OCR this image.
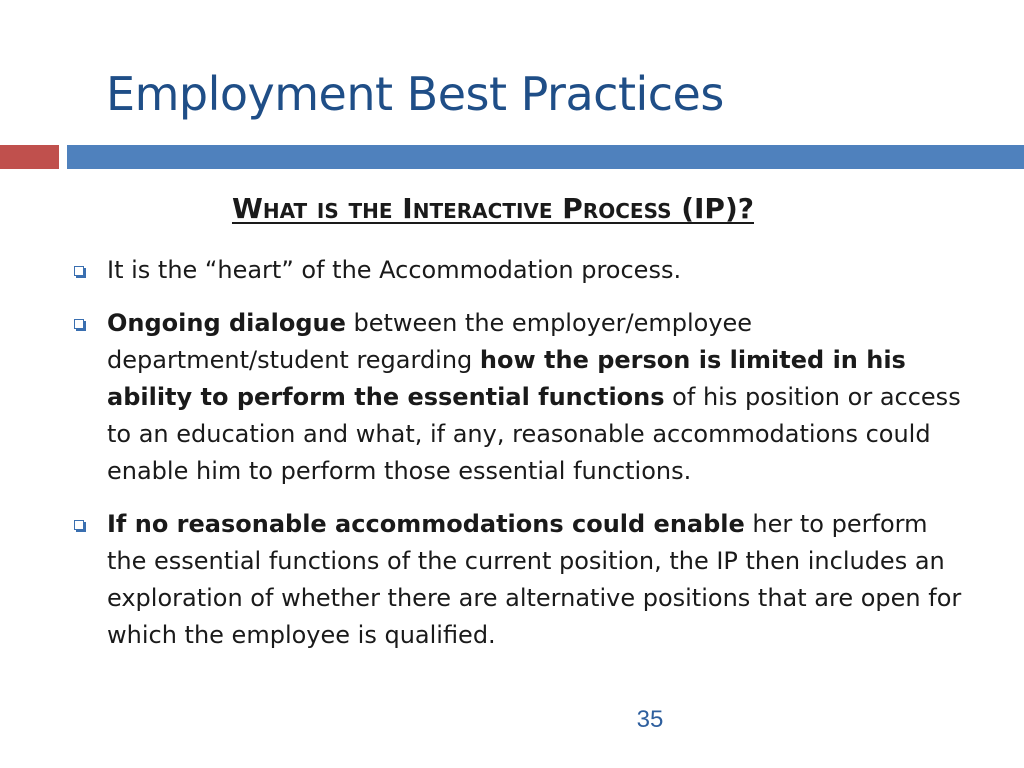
Employment Best Practices
What is the Interactive Process (IP)?
It is the “heart” of the Accommodation process.
Ongoing dialogue between the employer/employee department/student regarding how the person is limited in his ability to perform the essential functions of his position or access to an education and what, if any, reasonable accommodations could enable him to perform those essential functions.
If no reasonable accommodations could enable her to perform the essential functions of the current position, the IP then includes an exploration of whether there are alternative positions that are open for which the employee is qualified.
35
